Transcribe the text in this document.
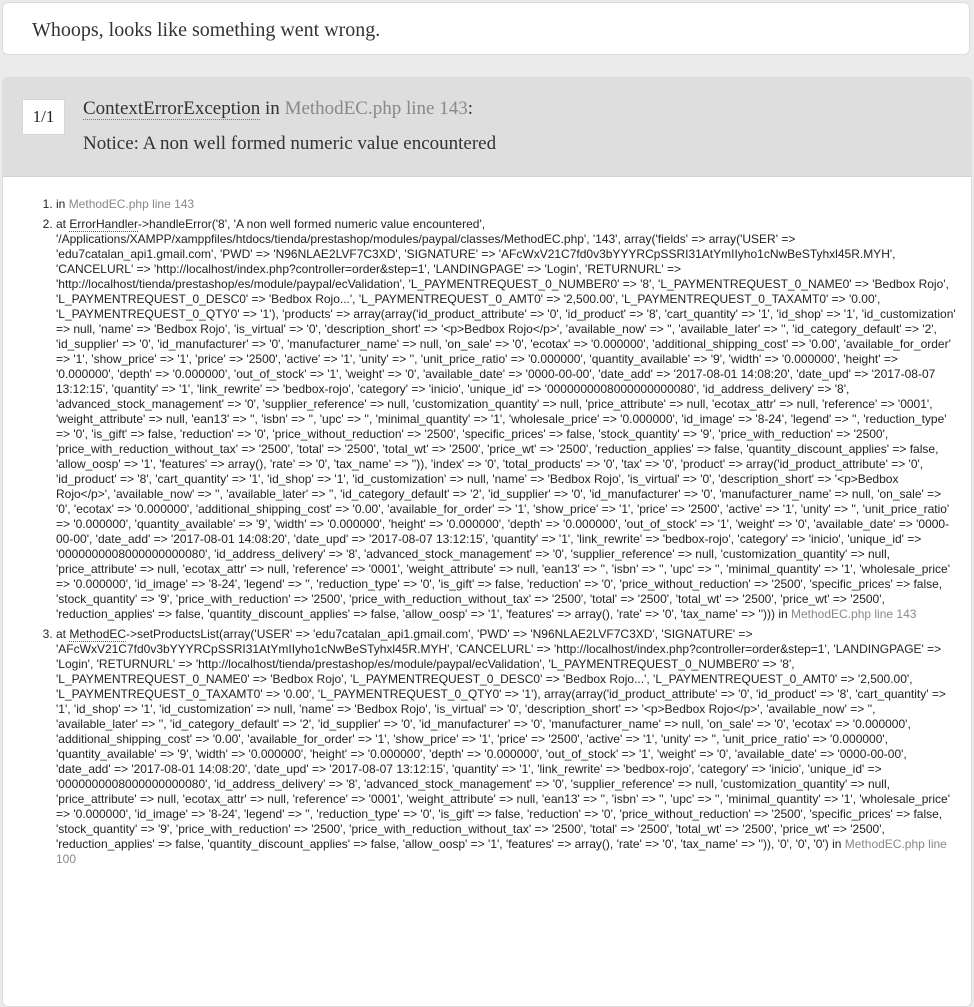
Whoops, looks like something went wrong.
1/1	ContextErrorException in MethodEC.php line 143:
Notice: A non well formed numeric value encountered
1. in MethodEC.php line 143
2. at ErrorHandler->handleError('8', 'A non well formed numeric value encountered', '/Applications/XAMPP/xamppfiles/htdocs/tienda/prestashop/modules/paypal/classes/MethodEC.php', '143', array('fields' => array('USER' => 'edu7catalan_api1.gmail.com', 'PWD' => 'N96NLAE2LVF7C3XD', 'SIGNATURE' => 'AFcWxV21C7fd0v3bYYYRCpSSRI31AtYmIIyho1cNwBeSTyhxl45R.MYH', 'CANCELURL' => 'http://localhost/index.php?controller=order&step=1', 'LANDINGPAGE' => 'Login', 'RETURNURL' => 'http://localhost/tienda/prestashop/es/module/paypal/ecValidation', 'L_PAYMENTREQUEST_0_NUMBER0' => '8', 'L_PAYMENTREQUEST_0_NAME0' => 'Bedbox Rojo', 'L_PAYMENTREQUEST_0_DESC0' => 'Bedbox Rojo...', 'L_PAYMENTREQUEST_0_AMT0' => '2,500.00', 'L_PAYMENTREQUEST_0_TAXAMT0' => '0.00', 'L_PAYMENTREQUEST_0_QTY0' => '1'), 'products' => array(array('id_product_attribute' => '0', 'id_product' => '8', 'cart_quantity' => '1', 'id_shop' => '1', 'id_customization' => null, 'name' => 'Bedbox Rojo', 'is_virtual' => '0', 'description_short' => '<p>Bedbox Rojo</p>', 'available_now' => '', 'available_later' => '', 'id_category_default' => '2', 'id_supplier' => '0', 'id_manufacturer' => '0', 'manufacturer_name' => null, 'on_sale' => '0', 'ecotax' => '0.000000', 'additional_shipping_cost' => '0.00', 'available_for_order' => '1', 'show_price' => '1', 'price' => '2500', 'active' => '1', 'unity' => '', 'unit_price_ratio' => '0.000000', 'quantity_available' => '9', 'width' => '0.000000', 'height' => '0.000000', 'depth' => '0.000000', 'out_of_stock' => '1', 'weight' => '0', 'available_date' => '0000-00-00', 'date_add' => '2017-08-01 14:08:20', 'date_upd' => '2017-08-07 13:12:15', 'quantity' => '1', 'link_rewrite' => 'bedbox-rojo', 'category' => 'inicio', 'unique_id' => '0000000008000000000080', 'id_address_delivery' => '8', 'advanced_stock_management' => '0', 'supplier_reference' => null, 'customization_quantity' => null, 'price_attribute' => null, 'ecotax_attr' => null, 'reference' => '0001', 'weight_attribute' => null, 'ean13' => '', 'isbn' => '', 'upc' => '', 'minimal_quantity' => '1', 'wholesale_price' => '0.000000', 'id_image' => '8-24', 'legend' => '', 'reduction_type' => '0', 'is_gift' => false, 'reduction' => '0', 'price_without_reduction' => '2500', 'specific_prices' => false, 'stock_quantity' => '9', 'price_with_reduction' => '2500', 'price_with_reduction_without_tax' => '2500', 'total' => '2500', 'total_wt' => '2500', 'price_wt' => '2500', 'reduction_applies' => false, 'quantity_discount_applies' => false, 'allow_oosp' => '1', 'features' => array(), 'rate' => '0', 'tax_name' => '')), 'index' => '0', 'total_products' => '0', 'tax' => '0', 'product' => array('id_product_attribute' => '0', 'id_product' => '8', 'cart_quantity' => '1', 'id_shop' => '1', 'id_customization' => null, 'name' => 'Bedbox Rojo', 'is_virtual' => '0', 'description_short' => '<p>Bedbox Rojo</p>', 'available_now' => '', 'available_later' => '', 'id_category_default' => '2', 'id_supplier' => '0', 'id_manufacturer' => '0', 'manufacturer_name' => null, 'on_sale' => '0', 'ecotax' => '0.000000', 'additional_shipping_cost' => '0.00', 'available_for_order' => '1', 'show_price' => '1', 'price' => '2500', 'active' => '1', 'unity' => '', 'unit_price_ratio' => '0.000000', 'quantity_available' => '9', 'width' => '0.000000', 'height' => '0.000000', 'depth' => '0.000000', 'out_of_stock' => '1', 'weight' => '0', 'available_date' => '0000-00-00', 'date_add' => '2017-08-01 14:08:20', 'date_upd' => '2017-08-07 13:12:15', 'quantity' => '1', 'link_rewrite' => 'bedbox-rojo', 'category' => 'inicio', 'unique_id' => '0000000008000000000080', 'id_address_delivery' => '8', 'advanced_stock_management' => '0', 'supplier_reference' => null, 'customization_quantity' => null, 'price_attribute' => null, 'ecotax_attr' => null, 'reference' => '0001', 'weight_attribute' => null, 'ean13' => '', 'isbn' => '', 'upc' => '', 'minimal_quantity' => '1', 'wholesale_price' => '0.000000', 'id_image' => '8-24', 'legend' => '', 'reduction_type' => '0', 'is_gift' => false, 'reduction' => '0', 'price_without_reduction' => '2500', 'specific_prices' => false, 'stock_quantity' => '9', 'price_with_reduction' => '2500', 'price_with_reduction_without_tax' => '2500', 'total' => '2500', 'total_wt' => '2500', 'price_wt' => '2500', 'reduction_applies' => false, 'quantity_discount_applies' => false, 'allow_oosp' => '1', 'features' => array(), 'rate' => '0', 'tax_name' => ''))) in MethodEC.php line 143
3. at MethodEC->setProductsList(array('USER' => 'edu7catalan_api1.gmail.com', 'PWD' => 'N96NLAE2LVF7C3XD', 'SIGNATURE' => 'AFcWxV21C7fd0v3bYYYRCpSSRI31AtYmIIyho1cNwBeSTyhxl45R.MYH', 'CANCELURL' => 'http://localhost/index.php?controller=order&step=1', 'LANDINGPAGE' => 'Login', 'RETURNURL' => 'http://localhost/tienda/prestashop/es/module/paypal/ecValidation', 'L_PAYMENTREQUEST_0_NUMBER0' => '8', 'L_PAYMENTREQUEST_0_NAME0' => 'Bedbox Rojo', 'L_PAYMENTREQUEST_0_DESC0' => 'Bedbox Rojo...', 'L_PAYMENTREQUEST_0_AMT0' => '2,500.00', 'L_PAYMENTREQUEST_0_TAXAMT0' => '0.00', 'L_PAYMENTREQUEST_0_QTY0' => '1'), array(array('id_product_attribute' => '0', 'id_product' => '8', 'cart_quantity' => '1', 'id_shop' => '1', 'id_customization' => null, 'name' => 'Bedbox Rojo', 'is_virtual' => '0', 'description_short' => '<p>Bedbox Rojo</p>', 'available_now' => '', 'available_later' => '', 'id_category_default' => '2', 'id_supplier' => '0', 'id_manufacturer' => '0', 'manufacturer_name' => null, 'on_sale' => '0', 'ecotax' => '0.000000', 'additional_shipping_cost' => '0.00', 'available_for_order' => '1', 'show_price' => '1', 'price' => '2500', 'active' => '1', 'unity' => '', 'unit_price_ratio' => '0.000000', 'quantity_available' => '9', 'width' => '0.000000', 'height' => '0.000000', 'depth' => '0.000000', 'out_of_stock' => '1', 'weight' => '0', 'available_date' => '0000-00-00', 'date_add' => '2017-08-01 14:08:20', 'date_upd' => '2017-08-07 13:12:15', 'quantity' => '1', 'link_rewrite' => 'bedbox-rojo', 'category' => 'inicio', 'unique_id' => '0000000008000000000080', 'id_address_delivery' => '8', 'advanced_stock_management' => '0', 'supplier_reference' => null, 'customization_quantity' => null, 'price_attribute' => null, 'ecotax_attr' => null, 'reference' => '0001', 'weight_attribute' => null, 'ean13' => '', 'isbn' => '', 'upc' => '', 'minimal_quantity' => '1', 'wholesale_price' => '0.000000', 'id_image' => '8-24', 'legend' => '', 'reduction_type' => '0', 'is_gift' => false, 'reduction' => '0', 'price_without_reduction' => '2500', 'specific_prices' => false, 'stock_quantity' => '9', 'price_with_reduction' => '2500', 'price_with_reduction_without_tax' => '2500', 'total' => '2500', 'total_wt' => '2500', 'price_wt' => '2500', 'reduction_applies' => false, 'quantity_discount_applies' => false, 'allow_oosp' => '1', 'features' => array(), 'rate' => '0', 'tax_name' => '')), '0', '0', '0') in MethodEC.php line 100
